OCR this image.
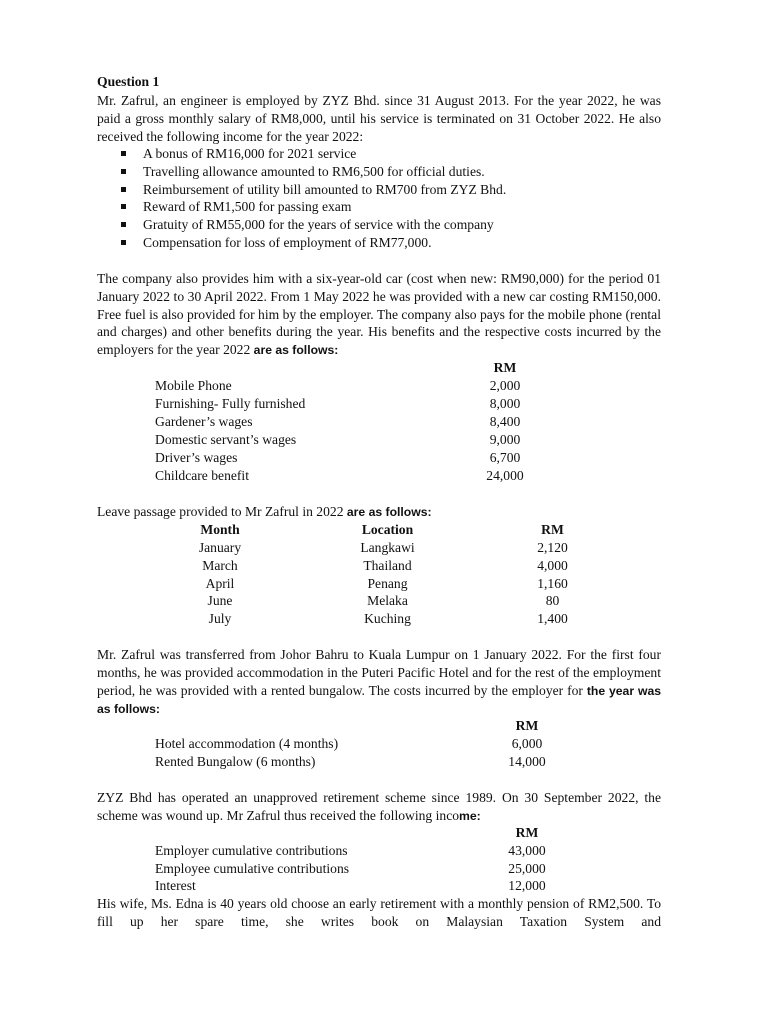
Question 1
Mr. Zafrul, an engineer is employed by ZYZ Bhd. since 31 August 2013. For the year 2022, he was paid a gross monthly salary of RM8,000, until his service is terminated on 31 October 2022. He also received the following income for the year 2022:
A bonus of RM16,000 for 2021 service
Travelling allowance amounted to RM6,500 for official duties.
Reimbursement of utility bill amounted to RM700 from ZYZ Bhd.
Reward of RM1,500 for passing exam
Gratuity of RM55,000 for the years of service with the company
Compensation for loss of employment of RM77,000.
The company also provides him with a six-year-old car (cost when new: RM90,000) for the period 01 January 2022 to 30 April 2022. From 1 May 2022 he was provided with a new car costing RM150,000. Free fuel is also provided for him by the employer. The company also pays for the mobile phone (rental and charges) and other benefits during the year. His benefits and the respective costs incurred by the employers for the year 2022 are as follows:
RM
Mobile Phone	2,000
Furnishing- Fully furnished	8,000
Gardener’s wages	8,400
Domestic servant’s wages	9,000
Driver’s wages	6,700
Childcare benefit	24,000
Leave passage provided to Mr Zafrul in 2022 are as follows:
Month	Location	RM
January	Langkawi	2,120
March	Thailand	4,000
April	Penang	1,160
June	Melaka	80
July	Kuching	1,400
Mr. Zafrul was transferred from Johor Bahru to Kuala Lumpur on 1 January 2022. For the first four months, he was provided accommodation in the Puteri Pacific Hotel and for the rest of the employment period, he was provided with a rented bungalow. The costs incurred by the employer for the year was as follows:
RM
Hotel accommodation (4 months)	6,000
Rented Bungalow (6 months)	14,000
ZYZ Bhd has operated an unapproved retirement scheme since 1989. On 30 September 2022, the scheme was wound up. Mr Zafrul thus received the following income:
RM
Employer cumulative contributions	43,000
Employee cumulative contributions	25,000
Interest	12,000
His wife, Ms. Edna is 40 years old choose an early retirement with a monthly pension of RM2,500. To fill up her spare time, she writes book on Malaysian Taxation System and
